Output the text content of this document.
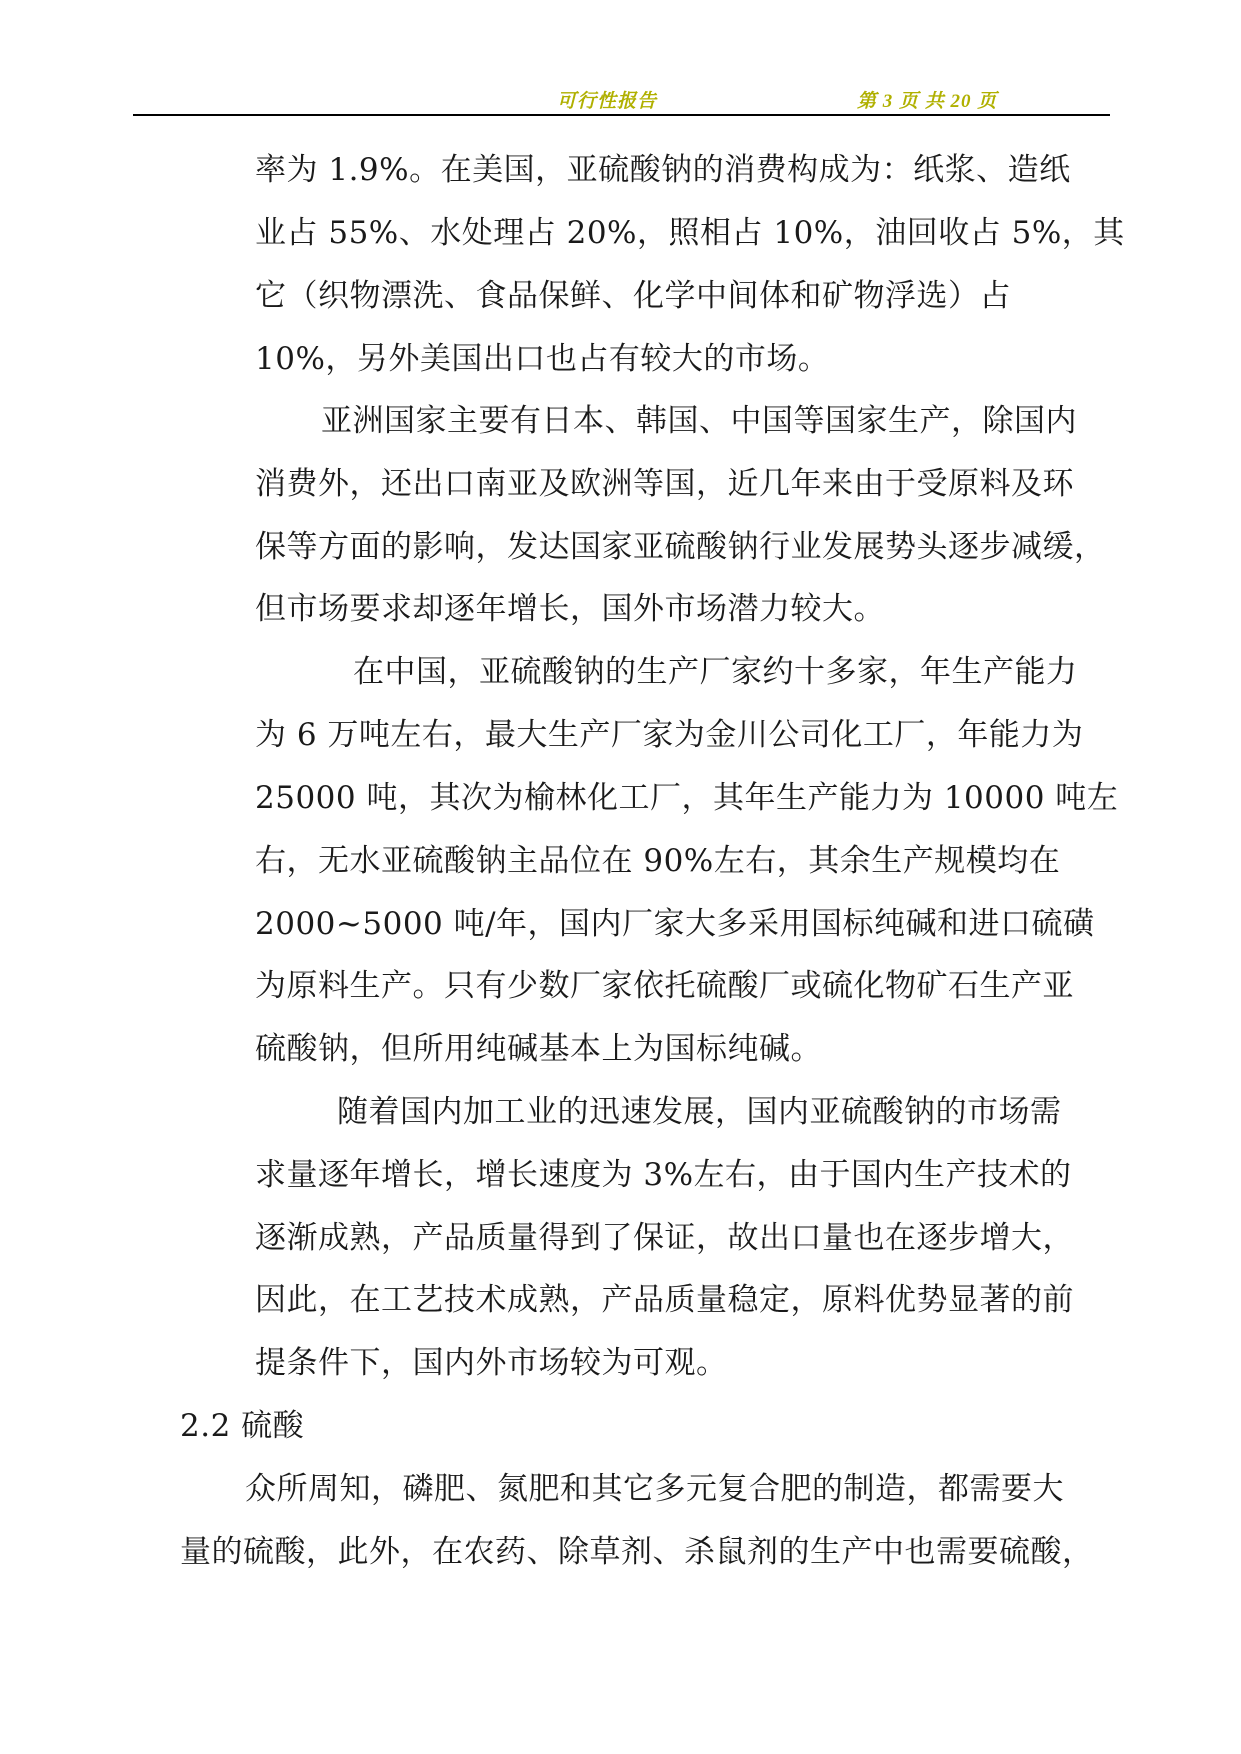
可行性报告	第 3 页 共 20 页
率为 1.9%。在美国，亚硫酸钠的消费构成为：纸浆、造纸
业占 55%、水处理占 20%，照相占 10%，油回收占 5%，其
它（织物漂洗、食品保鲜、化学中间体和矿物浮选）占
10%，另外美国出口也占有较大的市场。
亚洲国家主要有日本、韩国、中国等国家生产，除国内
消费外，还出口南亚及欧洲等国，近几年来由于受原料及环
保等方面的影响，发达国家亚硫酸钠行业发展势头逐步减缓，
但市场要求却逐年增长，国外市场潜力较大。
在中国，亚硫酸钠的生产厂家约十多家，年生产能力
为 6 万吨左右，最大生产厂家为金川公司化工厂，年能力为
25000 吨，其次为榆林化工厂，其年生产能力为 10000 吨左
右，无水亚硫酸钠主品位在 90%左右，其余生产规模均在
2000~5000 吨/年，国内厂家大多采用国标纯碱和进口硫磺
为原料生产。只有少数厂家依托硫酸厂或硫化物矿石生产亚
硫酸钠，但所用纯碱基本上为国标纯碱。
随着国内加工业的迅速发展，国内亚硫酸钠的市场需
求量逐年增长，增长速度为 3%左右，由于国内生产技术的
逐渐成熟，产品质量得到了保证，故出口量也在逐步增大，
因此，在工艺技术成熟，产品质量稳定，原料优势显著的前
提条件下，国内外市场较为可观。
2.2 硫酸
众所周知，磷肥、氮肥和其它多元复合肥的制造，都需要大
量的硫酸，此外，在农药、除草剂、杀鼠剂的生产中也需要硫酸，
